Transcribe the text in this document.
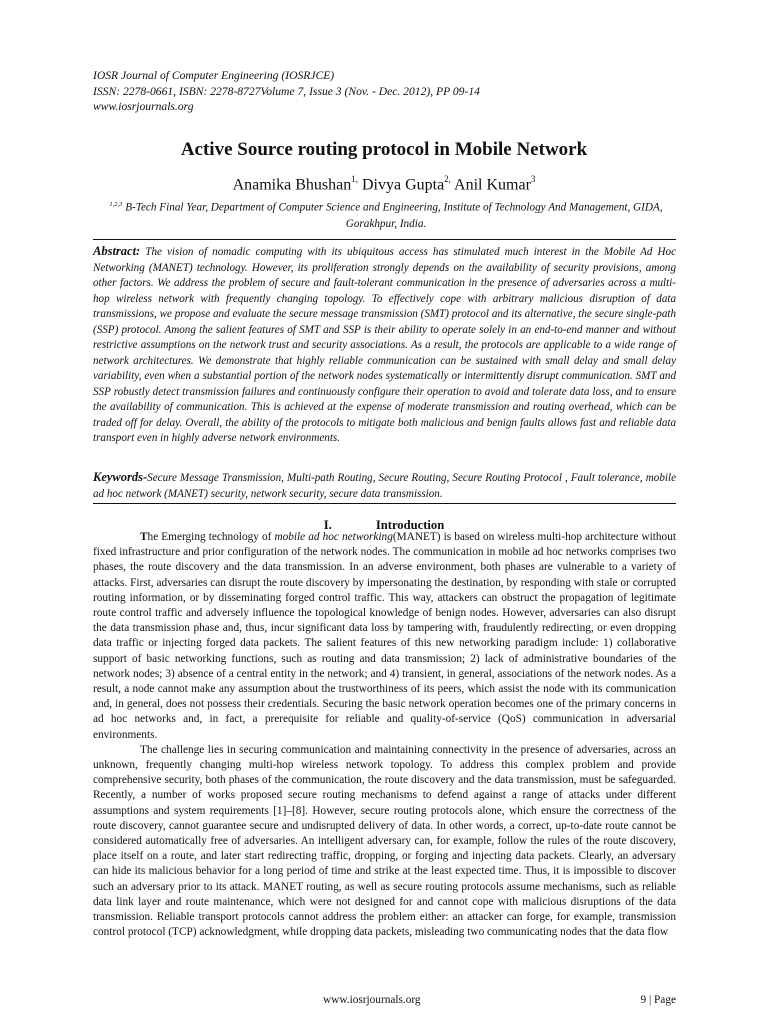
IOSR Journal of Computer Engineering (IOSRJCE)
ISSN: 2278-0661, ISBN: 2278-8727Volume 7, Issue 3 (Nov. - Dec. 2012), PP 09-14
www.iosrjournals.org
Active Source routing protocol in Mobile Network
Anamika Bhushan$^{1,}$ Divya Gupta$^{2,}$ Anil Kumar$^3$
$^{1,2,3}$ B-Tech Final Year, Department of Computer Science and Engineering, Institute of Technology And Management, GIDA, Gorakhpur, India.
Abstract: The vision of nomadic computing with its ubiquitous access has stimulated much interest in the Mobile Ad Hoc Networking (MANET) technology. However, its proliferation strongly depends on the availability of security provisions, among other factors. We address the problem of secure and fault-tolerant communication in the presence of adversaries across a multi-hop wireless network with frequently changing topology. To effectively cope with arbitrary malicious disruption of data transmissions, we propose and evaluate the secure message transmission (SMT) protocol and its alternative, the secure single-path (SSP) protocol. Among the salient features of SMT and SSP is their ability to operate solely in an end-to-end manner and without restrictive assumptions on the network trust and security associations. As a result, the protocols are applicable to a wide range of network architectures. We demonstrate that highly reliable communication can be sustained with small delay and small delay variability, even when a substantial portion of the network nodes systematically or intermittently disrupt communication. SMT and SSP robustly detect transmission failures and continuously configure their operation to avoid and tolerate data loss, and to ensure the availability of communication. This is achieved at the expense of moderate transmission and routing overhead, which can be traded off for delay. Overall, the ability of the protocols to mitigate both malicious and benign faults allows fast and reliable data transport even in highly adverse network environments.
Keywords-Secure Message Transmission, Multi-path Routing, Secure Routing, Secure Routing Protocol , Fault tolerance, mobile ad hoc network (MANET) security, network security, secure data transmission.
I.	Introduction

The Emerging technology of mobile ad hoc networking(MANET) is based on wireless multi-hop architecture without fixed infrastructure and prior configuration of the network nodes. The communication in mobile ad hoc networks comprises two phases, the route discovery and the data transmission. In an adverse environment, both phases are vulnerable to a variety of attacks. First, adversaries can disrupt the route discovery by impersonating the destination, by responding with stale or corrupted routing information, or by disseminating forged control traffic. This way, attackers can obstruct the propagation of legitimate route control traffic and adversely influence the topological knowledge of benign nodes. However, adversaries can also disrupt the data transmission phase and, thus, incur significant data loss by tampering with, fraudulently redirecting, or even dropping data traffic or injecting forged data packets. The salient features of this new networking paradigm include: 1) collaborative support of basic networking functions, such as routing and data transmission; 2) lack of administrative boundaries of the network nodes; 3) absence of a central entity in the network; and 4) transient, in general, associations of the network nodes. As a result, a node cannot make any assumption about the trustworthiness of its peers, which assist the node with its communication and, in general, does not possess their credentials. Securing the basic network operation becomes one of the primary concerns in ad hoc networks and, in fact, a prerequisite for reliable and quality-of-service (QoS) communication in adversarial environments.

The challenge lies in securing communication and maintaining connectivity in the presence of adversaries, across an unknown, frequently changing multi-hop wireless network topology. To address this complex problem and provide comprehensive security, both phases of the communication, the route discovery and the data transmission, must be safeguarded. Recently, a number of works proposed secure routing mechanisms to defend against a range of attacks under different assumptions and system requirements [1]–[8]. However, secure routing protocols alone, which ensure the correctness of the route discovery, cannot guarantee secure and undisrupted delivery of data. In other words, a correct, up-to-date route cannot be considered automatically free of adversaries. An intelligent adversary can, for example, follow the rules of the route discovery, place itself on a route, and later start redirecting traffic, dropping, or forging and injecting data packets. Clearly, an adversary can hide its malicious behavior for a long period of time and strike at the least expected time. Thus, it is impossible to discover such an adversary prior to its attack. MANET routing, as well as secure routing protocols assume mechanisms, such as reliable data link layer and route maintenance, which were not designed for and cannot cope with malicious disruptions of the data transmission. Reliable transport protocols cannot address the problem either: an attacker can forge, for example, transmission control protocol (TCP) acknowledgment, while dropping data packets, misleading two communicating nodes that the data flow

www.iosrjournals.org	9 | Page
